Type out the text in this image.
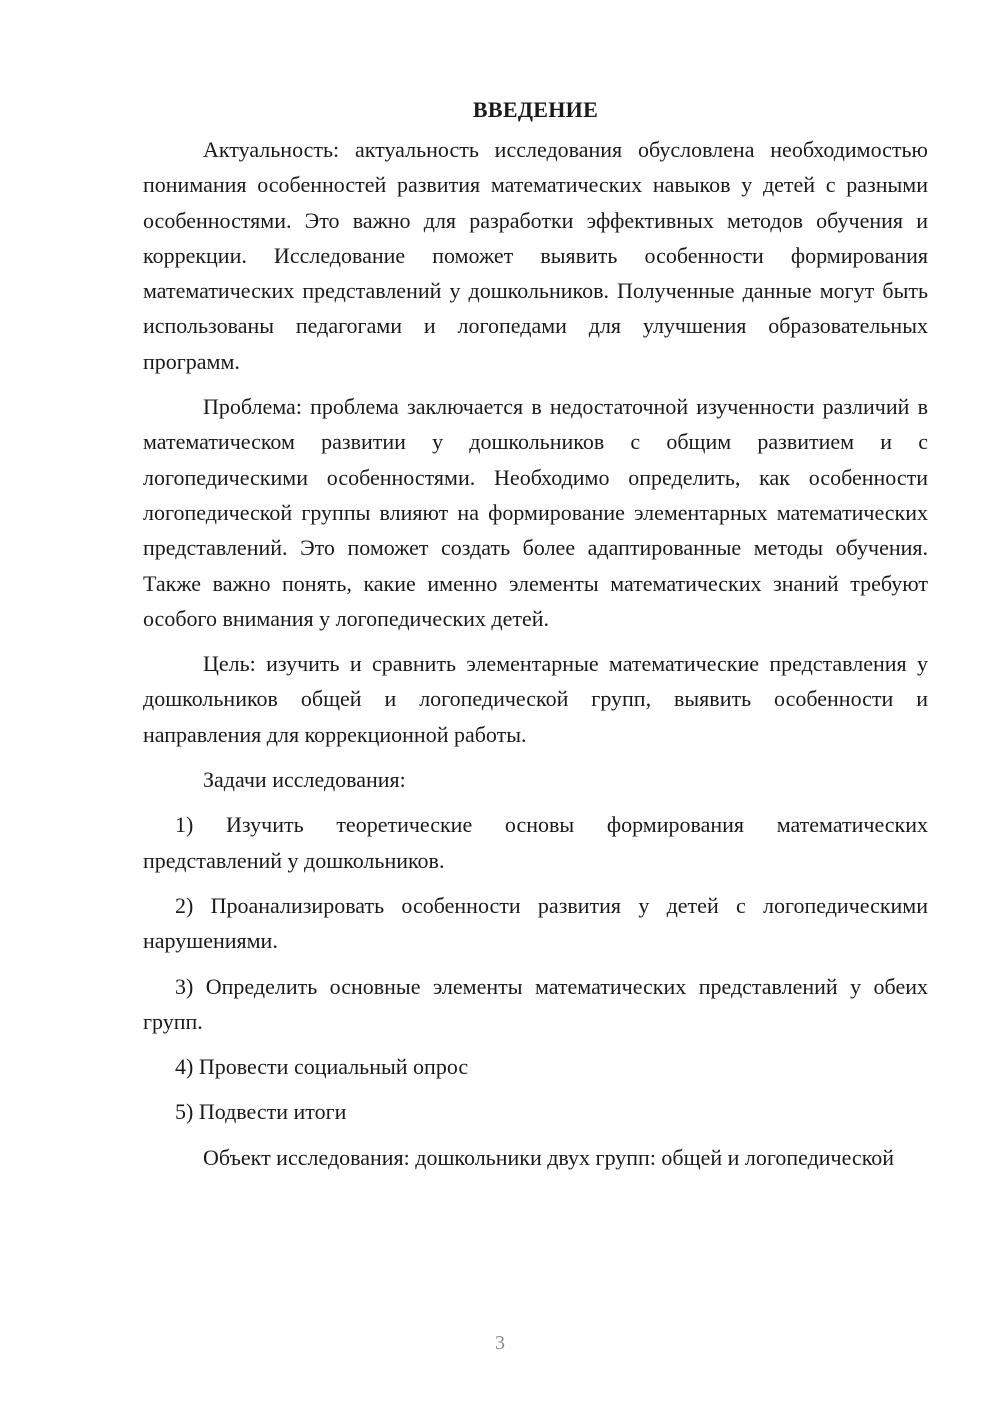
ВВЕДЕНИЕ

Актуальность: актуальность исследования обусловлена необходимостью понимания особенностей развития математических навыков у детей с разными особенностями. Это важно для разработки эффективных методов обучения и коррекции. Исследование поможет выявить особенности формирования математических представлений у дошкольников. Полученные данные могут быть использованы педагогами и логопедами для улучшения образовательных программ.

Проблема: проблема заключается в недостаточной изученности различий в математическом развитии у дошкольников с общим развитием и с логопедическими особенностями. Необходимо определить, как особенности логопедической группы влияют на формирование элементарных математических представлений. Это поможет создать более адаптированные методы обучения. Также важно понять, какие именно элементы математических знаний требуют особого внимания у логопедических детей.

Цель: изучить и сравнить элементарные математические представления у дошкольников общей и логопедической групп, выявить особенности и направления для коррекционной работы.

Задачи исследования:

1) Изучить теоретические основы формирования математических представлений у дошкольников.

2) Проанализировать особенности развития у детей с логопедическими нарушениями.

3) Определить основные элементы математических представлений у обеих групп.

4) Провести социальный опрос

5) Подвести итоги

Объект исследования: дошкольники двух групп: общей и логопедической

3
